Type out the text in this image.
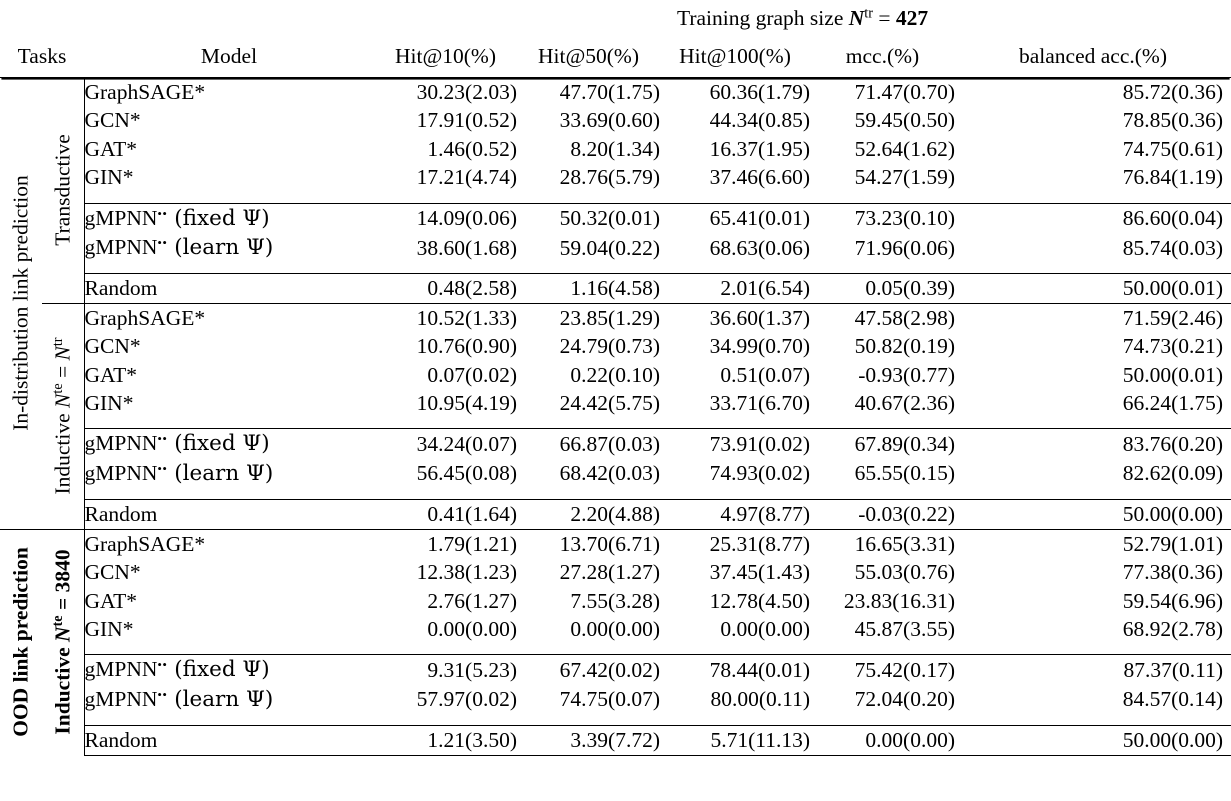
			Training graph size $N^{tr} = 427$				
Tasks		Model	Hit@10(%)	Hit@50(%)	Hit@100(%)	mcc.(%)	balanced acc.(%)

In-distribution link prediction	Transductive	GraphSAGE*	30.23(2.03)	47.70(1.75)	60.36(1.79)	71.47(0.70)	85.72(0.36)
		GCN*	17.91(0.52)	33.69(0.60)	44.34(0.85)	59.45(0.50)	78.85(0.36)
		GAT*	1.46(0.52)	8.20(1.34)	16.37(1.95)	52.64(1.62)	74.75(0.61)
		GIN*	17.21(4.74)	28.76(5.79)	37.46(6.60)	54.27(1.59)	76.84(1.19)

		gMPNN•• (fixed Ψ)	14.09(0.06)	50.32(0.01)	65.41(0.01)	73.23(0.10)	86.60(0.04)
		gMPNN•• (learn Ψ)	38.60(1.68)	59.04(0.22)	68.63(0.06)	71.96(0.06)	85.74(0.03)

		Random	0.48(2.58)	1.16(4.58)	2.01(6.54)	0.05(0.39)	50.00(0.01)

	Inductive $N^{te} = N^{tr}$	GraphSAGE*	10.52(1.33)	23.85(1.29)	36.60(1.37)	47.58(2.98)	71.59(2.46)
		GCN*	10.76(0.90)	24.79(0.73)	34.99(0.70)	50.82(0.19)	74.73(0.21)
		GAT*	0.07(0.02)	0.22(0.10)	0.51(0.07)	-0.93(0.77)	50.00(0.01)
		GIN*	10.95(4.19)	24.42(5.75)	33.71(6.70)	40.67(2.36)	66.24(1.75)

		gMPNN•• (fixed Ψ)	34.24(0.07)	66.87(0.03)	73.91(0.02)	67.89(0.34)	83.76(0.20)
		gMPNN•• (learn Ψ)	56.45(0.08)	68.42(0.03)	74.93(0.02)	65.55(0.15)	82.62(0.09)

		Random	0.41(1.64)	2.20(4.88)	4.97(8.77)	-0.03(0.22)	50.00(0.00)

OOD link prediction	Inductive $N^{te} = 3840$	GraphSAGE*	1.79(1.21)	13.70(6.71)	25.31(8.77)	16.65(3.31)	52.79(1.01)
		GCN*	12.38(1.23)	27.28(1.27)	37.45(1.43)	55.03(0.76)	77.38(0.36)
		GAT*	2.76(1.27)	7.55(3.28)	12.78(4.50)	23.83(16.31)	59.54(6.96)
		GIN*	0.00(0.00)	0.00(0.00)	0.00(0.00)	45.87(3.55)	68.92(2.78)

		gMPNN•• (fixed Ψ)	9.31(5.23)	67.42(0.02)	78.44(0.01)	75.42(0.17)	87.37(0.11)
		gMPNN•• (learn Ψ)	57.97(0.02)	74.75(0.07)	80.00(0.11)	72.04(0.20)	84.57(0.14)

		Random	1.21(3.50)	3.39(7.72)	5.71(11.13)	0.00(0.00)	50.00(0.00)
